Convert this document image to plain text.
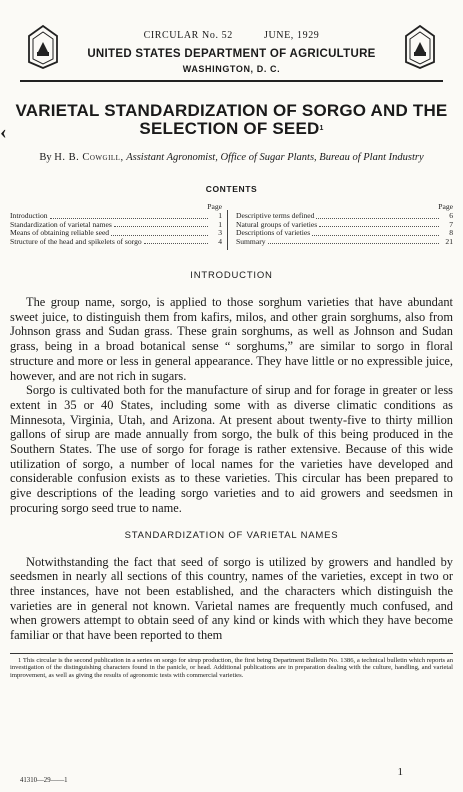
CIRCULAR No. 52	JUNE, 1929
UNITED STATES DEPARTMENT OF AGRICULTURE
WASHINGTON, D. C.
‹
VARIETAL STANDARDIZATION OF SORGO AND THE SELECTION OF SEED$^1$
By H. B. Cowgill, Assistant Agronomist, Office of Sugar Plants, Bureau of Plant Industry
CONTENTS
Page
Introduction	1
Standardization of varietal names	1
Means of obtaining reliable seed	3
Structure of the head and spikelets of sorgo	4
Page
Descriptive terms defined	6
Natural groups of varieties	7
Descriptions of varieties	8
Summary	21
INTRODUCTION

The group name, sorgo, is applied to those sorghum varieties that have abundant sweet juice, to distinguish them from kafirs, milos, and other grain sorghums, also from Johnson grass and Sudan grass. These grain sorghums, as well as Johnson and Sudan grass, being in a broad botanical sense “ sorghums,” are similar to sorgo in floral structure and more or less in general appearance. They have little or no expressible juice, however, and are not rich in sugars.

Sorgo is cultivated both for the manufacture of sirup and for forage in greater or less extent in 35 or 40 States, including some with as diverse climatic conditions as Minnesota, Virginia, Utah, and Arizona. At present about twenty-five to thirty million gallons of sirup are made annually from sorgo, the bulk of this being produced in the Southern States. The use of sorgo for forage is rather extensive. Because of this wide utilization of sorgo, a number of local names for the varieties have developed and considerable confusion exists as to these varieties. This circular has been prepared to give descriptions of the leading sorgo varieties and to aid growers and seedsmen in procuring sorgo seed true to name.

STANDARDIZATION OF VARIETAL NAMES

Notwithstanding the fact that seed of sorgo is utilized by growers and handled by seedsmen in nearly all sections of this country, names of the varieties, except in two or three instances, have not been established, and the characters which distinguish the varieties are in general not known. Varietal names are frequently much confused, and when growers attempt to obtain seed of any kind or kinds with which they have become familiar or that have been reported to them

1 This circular is the second publication in a series on sorgo for sirup production, the first being Department Bulletin No. 1386, a technical bulletin which reports an investigation of the distinguishing characters found in the panicle, or head. Additional publications are in preparation dealing with the culture, handling, and varietal improvement, as well as giving the results of agronomic tests with commercial varieties.

41310—29——1
1
